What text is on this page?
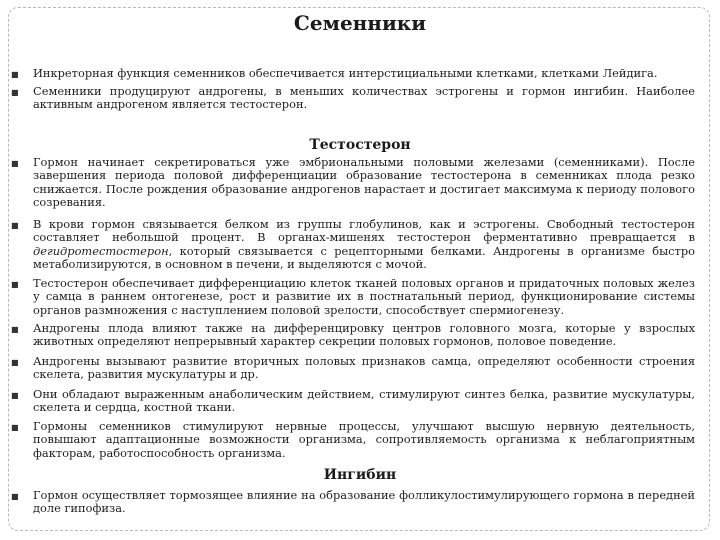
Семенники
■ Инкреторная функция семенников обеспечивается интерстициальными клетками, клетками Лейдига.
■ Семенники продуцируют андрогены, в меньших количествах эстрогены и гормон ингибин. Наиболее активным андрогеном является тестостерон.
Тестостерон
■ Гормон начинает секретироваться уже эмбриональными половыми железами (семенниками). После завершения периода половой дифференциации образование тестостерона в семенниках плода резко снижается. После рождения образование андрогенов нарастает и достигает максимума к периоду полового созревания.
■ В крови гормон связывается белком из группы глобулинов, как и эстрогены. Свободный тестостерон составляет небольшой процент. В органах-мишенях тестостерон ферментативно превращается в дегидротестостерон, который связывается с рецепторными белками. Андрогены в организме быстро метаболизируются, в основном в печени, и выделяются с мочой.
■ Тестостерон обеспечивает дифференциацию клеток тканей половых органов и придаточных половых желез у самца в раннем онтогенезе, рост и развитие их в постнатальный период, функционирование системы органов размножения с наступлением половой зрелости, способствует спермиогенезу.
■ Андрогены плода влияют также на дифференцировку центров головного мозга, которые у взрослых животных определяют непрерывный характер секреции половых гормонов, половое поведение.
■ Андрогены вызывают развитие вторичных половых признаков самца, определяют особенности строения скелета, развития мускулатуры и др.
■ Они обладают выраженным анаболическим действием, стимулируют синтез белка, развитие мускулатуры, скелета и сердца, костной ткани.
■ Гормоны семенников стимулируют нервные процессы, улучшают высшую нервную деятельность, повышают адаптационные возможности организма, сопротивляемость организма к неблагоприятным факторам, работоспособность организма.
Ингибин
■ Гормон осуществляет тормозящее влияние на образование фолликулостимулирующего гормона в передней доле гипофиза.
